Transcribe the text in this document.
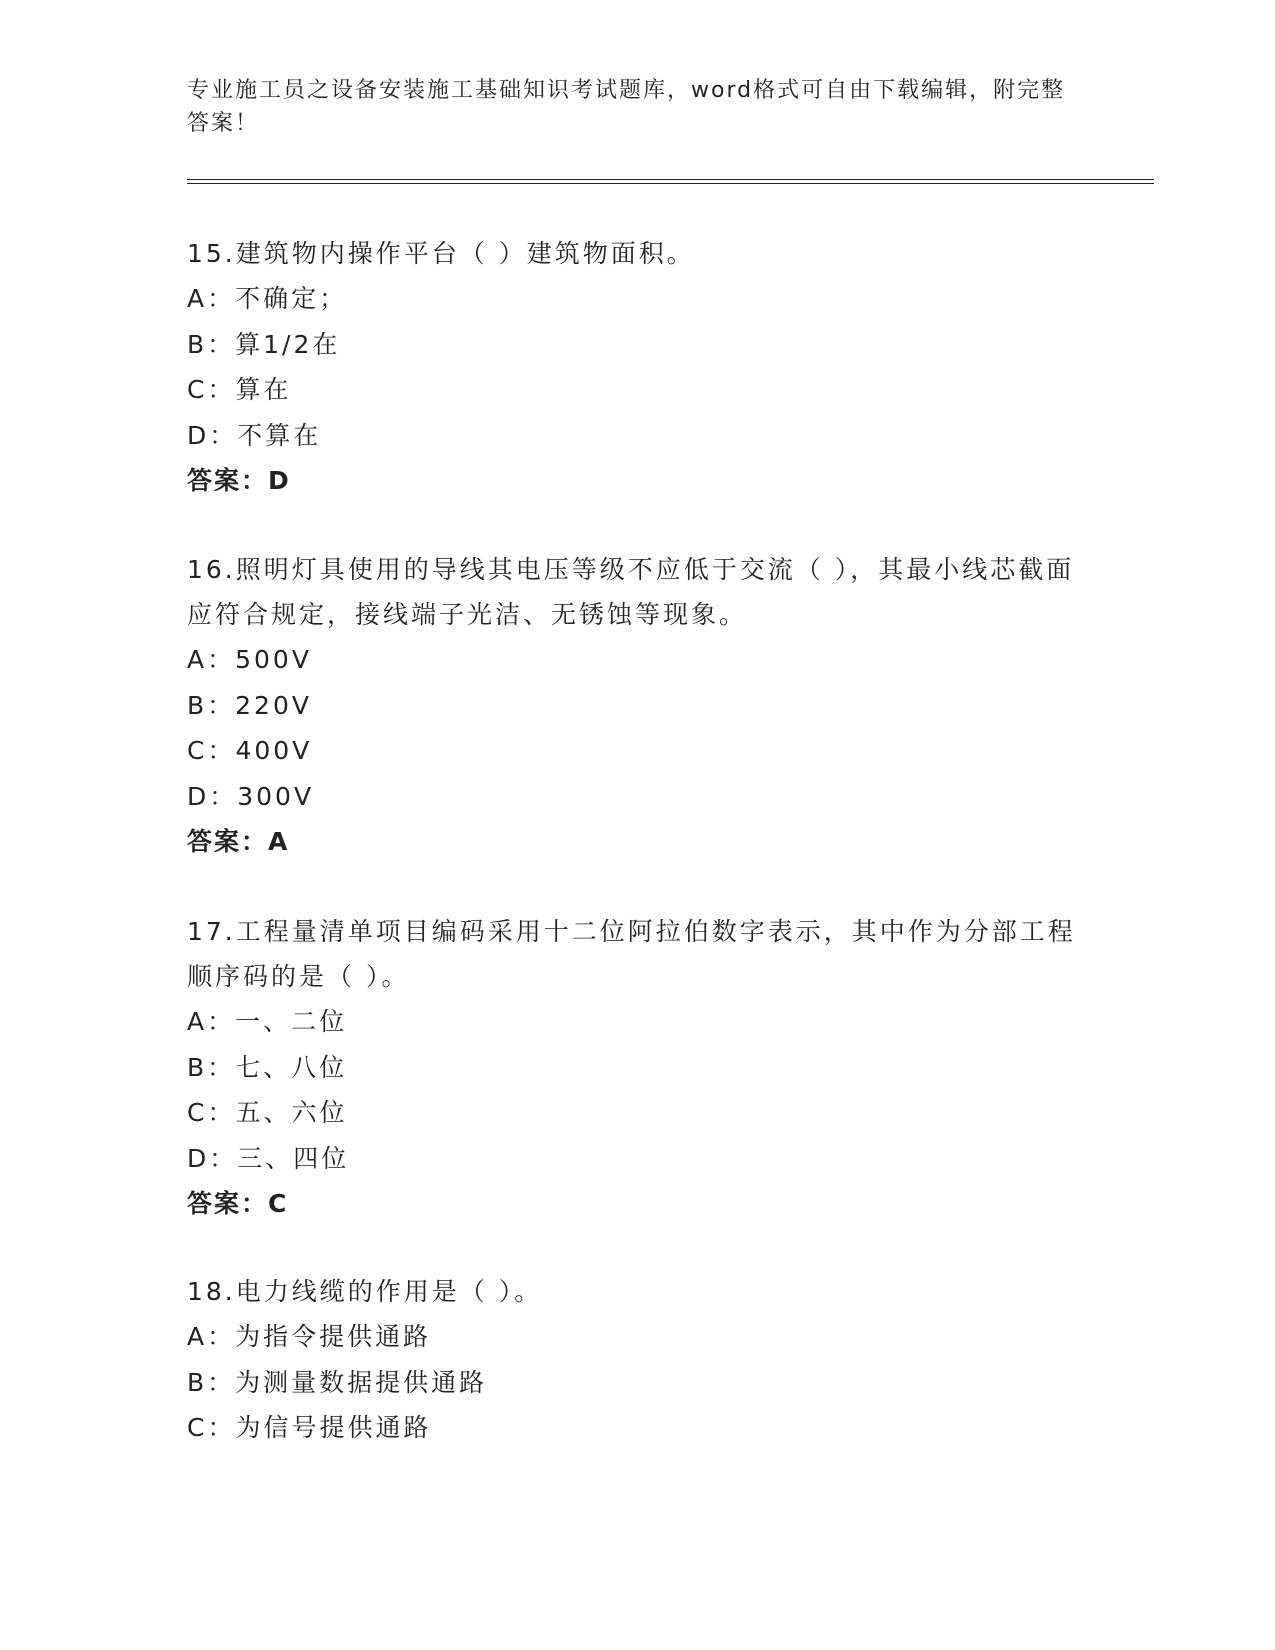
专业施工员之设备安装施工基础知识考试题库，word格式可自由下载编辑，附完整答案！

15.建筑物内操作平台（ ）建筑物面积。

A：不确定；

B：算1/2在

C：算在

D：不算在

答案：D

16.照明灯具使用的导线其电压等级不应低于交流（ ），其最小线芯截面应符合规定，接线端子光洁、无锈蚀等现象。

A：500V

B：220V

C：400V

D：300V

答案：A

17.工程量清单项目编码采用十二位阿拉伯数字表示，其中作为分部工程顺序码的是（ ）。

A：一、二位

B：七、八位

C：五、六位

D：三、四位

答案：C

18.电力线缆的作用是（ ）。

A：为指令提供通路

B：为测量数据提供通路

C：为信号提供通路
